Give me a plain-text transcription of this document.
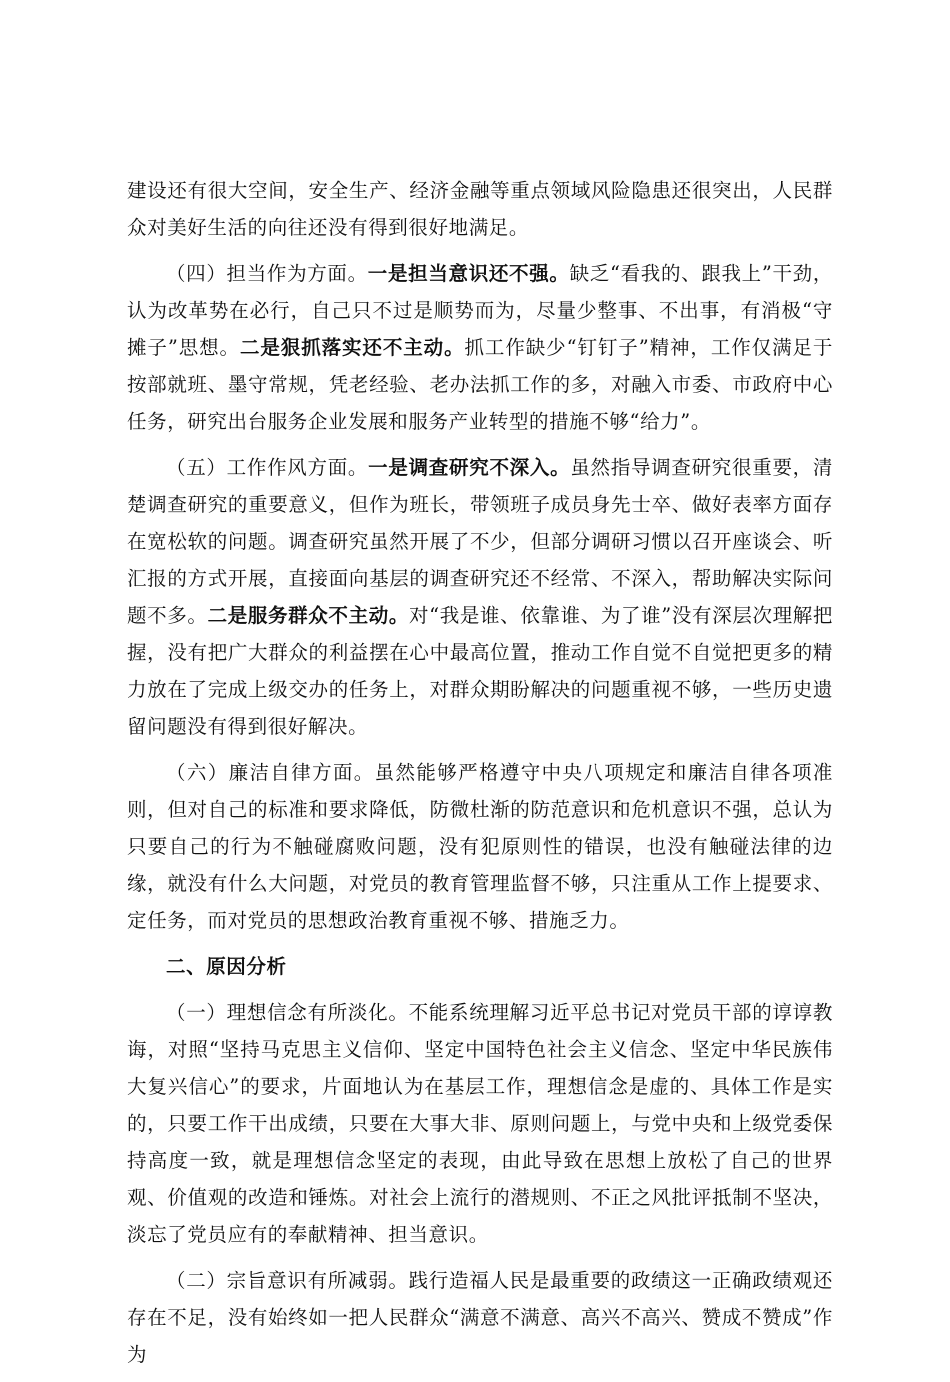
建设还有很大空间，安全生产、经济金融等重点领域风险隐患还很突出，人民群众对美好生活的向往还没有得到很好地满足。

（四）担当作为方面。一是担当意识还不强。缺乏“看我的、跟我上”干劲，认为改革势在必行，自己只不过是顺势而为，尽量少整事、不出事，有消极“守摊子”思想。二是狠抓落实还不主动。抓工作缺少“钉钉子”精神，工作仅满足于按部就班、墨守常规，凭老经验、老办法抓工作的多，对融入市委、市政府中心任务，研究出台服务企业发展和服务产业转型的措施不够“给力”。

（五）工作作风方面。一是调查研究不深入。虽然指导调查研究很重要，清楚调查研究的重要意义，但作为班长，带领班子成员身先士卒、做好表率方面存在宽松软的问题。调查研究虽然开展了不少，但部分调研习惯以召开座谈会、听汇报的方式开展，直接面向基层的调查研究还不经常、不深入，帮助解决实际问题不多。二是服务群众不主动。对“我是谁、依靠谁、为了谁”没有深层次理解把握，没有把广大群众的利益摆在心中最高位置，推动工作自觉不自觉把更多的精力放在了完成上级交办的任务上，对群众期盼解决的问题重视不够，一些历史遗留问题没有得到很好解决。

（六）廉洁自律方面。虽然能够严格遵守中央八项规定和廉洁自律各项准则，但对自己的标准和要求降低，防微杜渐的防范意识和危机意识不强，总认为只要自己的行为不触碰腐败问题，没有犯原则性的错误，也没有触碰法律的边缘，就没有什么大问题，对党员的教育管理监督不够，只注重从工作上提要求、定任务，而对党员的思想政治教育重视不够、措施乏力。

二、原因分析

（一）理想信念有所淡化。不能系统理解习近平总书记对党员干部的谆谆教诲，对照“坚持马克思主义信仰、坚定中国特色社会主义信念、坚定中华民族伟大复兴信心”的要求，片面地认为在基层工作，理想信念是虚的、具体工作是实的，只要工作干出成绩，只要在大事大非、原则问题上，与党中央和上级党委保持高度一致，就是理想信念坚定的表现，由此导致在思想上放松了自己的世界观、价值观的改造和锤炼。对社会上流行的潜规则、不正之风批评抵制不坚决，淡忘了党员应有的奉献精神、担当意识。

（二）宗旨意识有所减弱。践行造福人民是最重要的政绩这一正确政绩观还存在不足，没有始终如一把人民群众“满意不满意、高兴不高兴、赞成不赞成”作为
